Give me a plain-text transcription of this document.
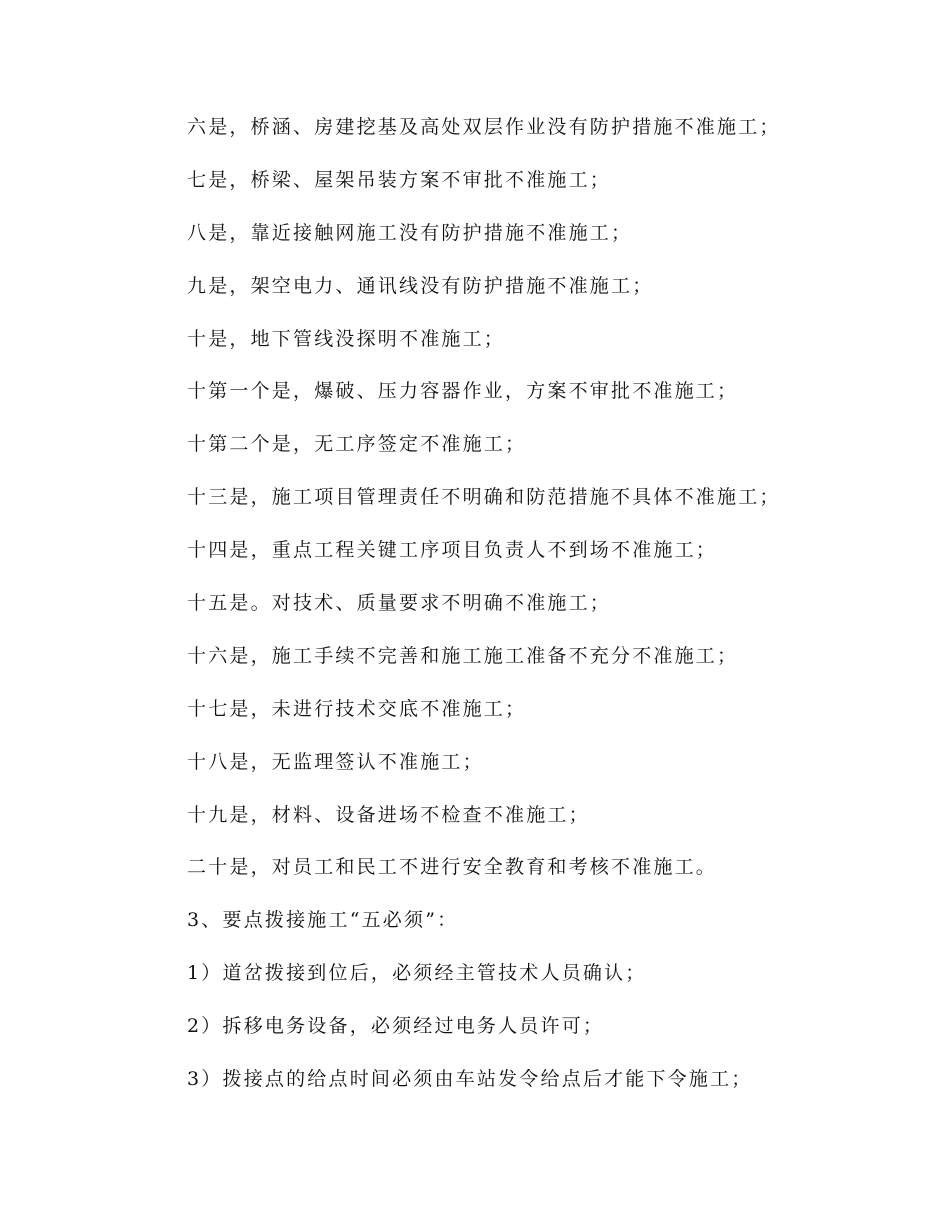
六是，桥涵、房建挖基及高处双层作业没有防护措施不准施工；
七是，桥梁、屋架吊装方案不审批不准施工；
八是，靠近接触网施工没有防护措施不准施工；
九是，架空电力、通讯线没有防护措施不准施工；
十是，地下管线没探明不准施工；
十第一个是，爆破、压力容器作业，方案不审批不准施工；
十第二个是，无工序签定不准施工；
十三是，施工项目管理责任不明确和防范措施不具体不准施工；
十四是，重点工程关键工序项目负责人不到场不准施工；
十五是。对技术、质量要求不明确不准施工；
十六是，施工手续不完善和施工施工准备不充分不准施工；
十七是，未进行技术交底不准施工；
十八是，无监理签认不准施工；
十九是，材料、设备进场不检查不准施工；
二十是，对员工和民工不进行安全教育和考核不准施工。
3、要点拨接施工“五必须”：
1）道岔拨接到位后，必须经主管技术人员确认；
2）拆移电务设备，必须经过电务人员许可；
3）拨接点的给点时间必须由车站发令给点后才能下令施工；
